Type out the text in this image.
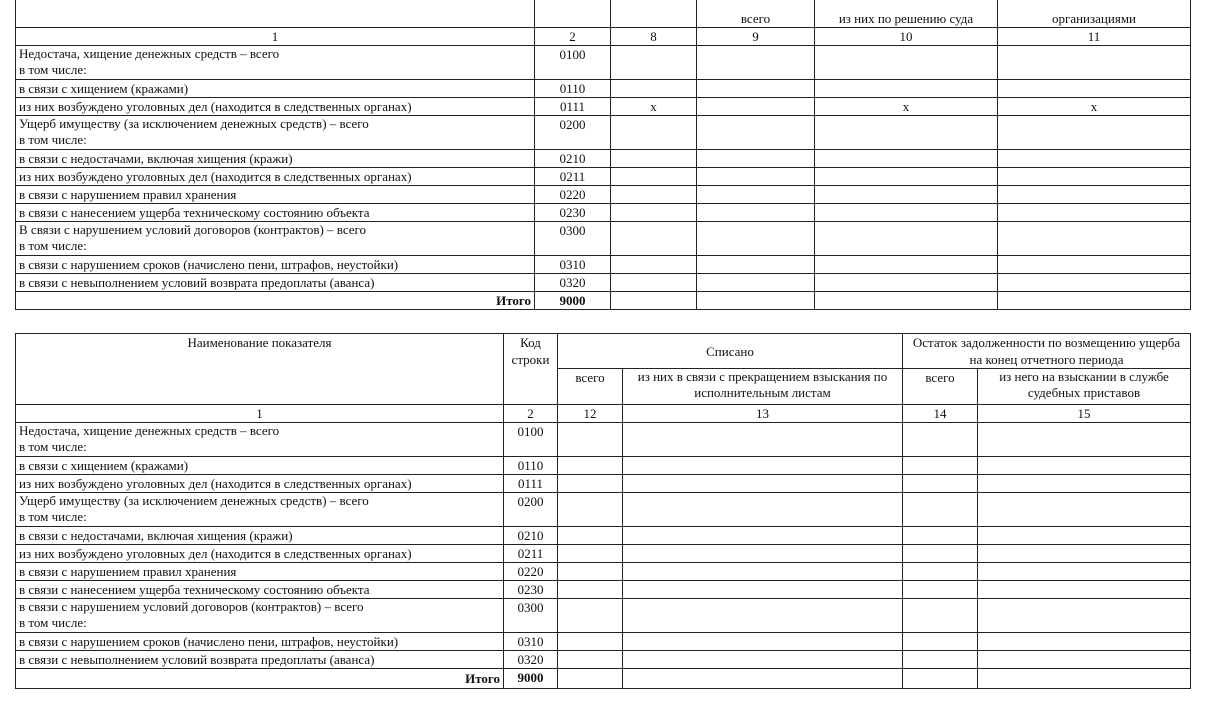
			всего	из них по решению суда	организациями
1	2	8	9	10	11
Недостача, хищение денежных средств – всего
в том числе:	0100				
в связи с хищением (кражами)	0110				
из них возбуждено уголовных дел (находится в следственных органах)	0111	x		x	x
Ущерб имуществу (за исключением денежных средств) – всего
в том числе:	0200				
в связи с недостачами, включая хищения (кражи)	0210				
из них возбуждено уголовных дел (находится в следственных органах)	0211				
в связи с нарушением правил хранения	0220				
в связи с нанесением ущерба техническому состоянию объекта	0230				
В связи с нарушением условий договоров (контрактов) – всего
в том числе:	0300				
в связи с нарушением сроков (начислено пени, штрафов, неустойки)	0310				
в связи с невыполнением условий возврата предоплаты (аванса)	0320				
Итого	9000				
Наименование показателя	Код строки	Списано		Остаток задолженности по возмещению ущерба на конец отчетного периода	
		всего	из них в связи с прекращением взыскания по исполнительным листам	всего	из него на взыскании в службе судебных приставов
1	2	12	13	14	15
Недостача, хищение денежных средств – всего
в том числе:	0100				
в связи с хищением (кражами)	0110				
из них возбуждено уголовных дел (находится в следственных органах)	0111				
Ущерб имуществу (за исключением денежных средств) – всего
в том числе:	0200				
в связи с недостачами, включая хищения (кражи)	0210				
из них возбуждено уголовных дел (находится в следственных органах)	0211				
в связи с нарушением правил хранения	0220				
в связи с нанесением ущерба техническому состоянию объекта	0230				
в связи с нарушением условий договоров (контрактов) – всего
в том числе:	0300				
в связи с нарушением сроков (начислено пени, штрафов, неустойки)	0310				
в связи с невыполнением условий возврата предоплаты (аванса)	0320				
Итого	9000				
